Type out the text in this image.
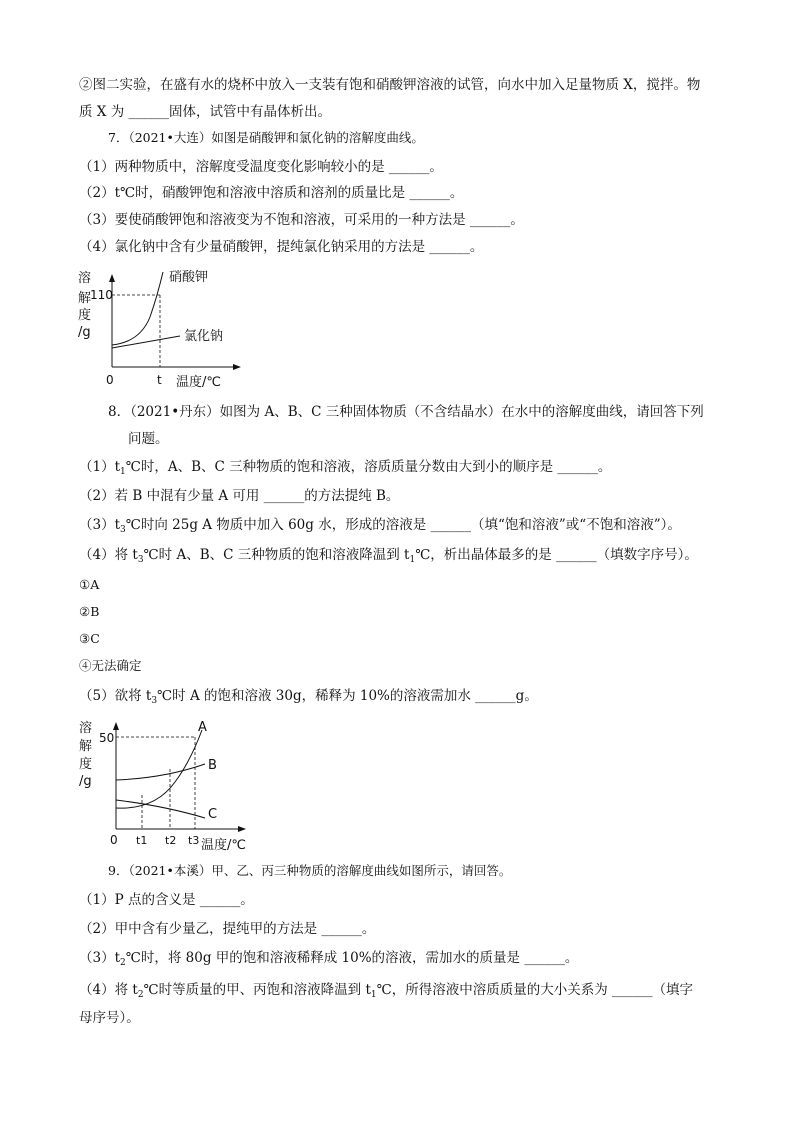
②图二实验，在盛有水的烧杯中放入一支装有饱和硝酸钾溶液的试管，向水中加入足量物质 X，搅拌。物
质 X 为 ______固体，试管中有晶体析出。
7．（2021•大连）如图是硝酸钾和氯化钠的溶解度曲线。
（1）两种物质中，溶解度受温度变化影响较小的是 ______。
（2）t℃时，硝酸钾饱和溶液中溶质和溶剂的质量比是 ______。
（3）要使硝酸钾饱和溶液变为不饱和溶液，可采用的一种方法是 ______。
（4）氯化钠中含有少量硝酸钾，提纯氯化钠采用的方法是 ______。
溶
解
度
/g
110
0	t 温度/℃
硝酸钾
氯化钠
8．（2021•丹东）如图为 A、B、C 三种固体物质（不含结晶水）在水中的溶解度曲线，请回答下列
问题。
$(1)t_1℃$时，A、B、C 三种物质的饱和溶液，溶质质量分数由大到小的顺序是 ______。
（2）若 B 中混有少量 A 可用 ______的方法提纯 B。
$(3)t_3℃$时向 25g A 物质中加入 60g 水，形成的溶液是 ______（填“饱和溶液”或“不饱和溶液”）。
（4）将 $t_3℃$时 A、B、C 三种物质的饱和溶液降温到 $t_1℃$，析出晶体最多的是 ______（填数字序号）。
①A
②B
③C
④无法确定
（5）欲将 $t_3℃$时 A 的饱和溶液 30g，稀释为 10%的溶液需加水 ______g。
溶
解
度
/g
50
0 t1 t2 t3 温度/℃
A
B
C
9．（2021•本溪）甲、乙、丙三种物质的溶解度曲线如图所示，请回答。
（1）P 点的含义是 ______。
（2）甲中含有少量乙，提纯甲的方法是 ______。
$(3)t_2℃$时，将 80g 甲的饱和溶液稀释成 10%的溶液，需加水的质量是 ______。
（4）将 $t_2℃$时等质量的甲、丙饱和溶液降温到 $t_1℃$，所得溶液中溶质质量的大小关系为 ______（填字
母序号）。
